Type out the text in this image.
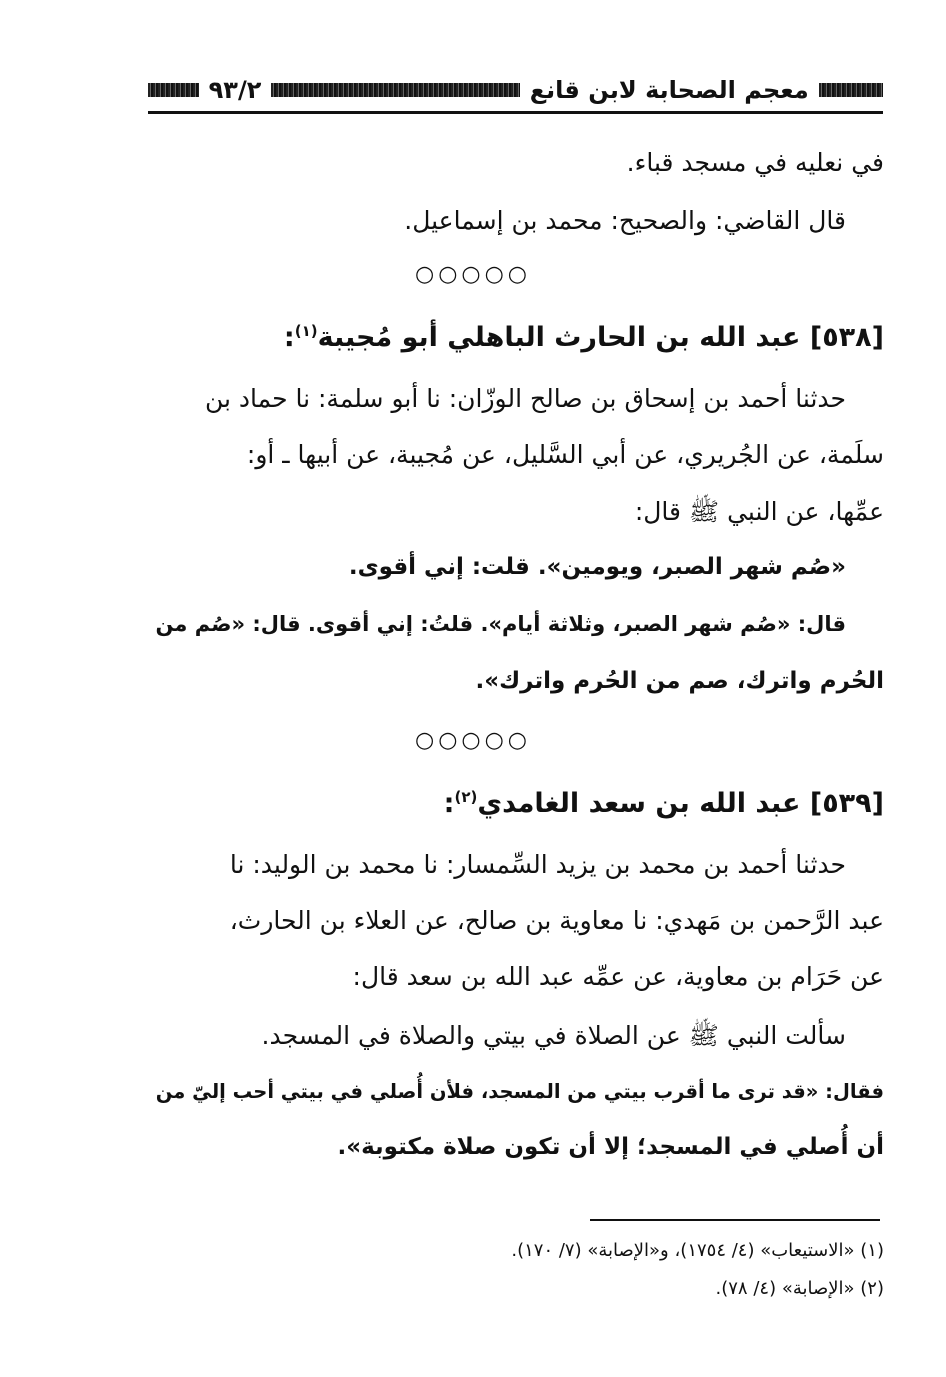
معجم الصحابة لابن قانع
٩٣/٢
في نعليه في مسجد قباء.
قال القاضي: والصحيح: محمد بن إسماعيل.
○○○○○
[٥٣٨] عبد الله بن الحارث الباهلي أبو مُجيبة$^{(١)}$:
حدثنا أحمد بن إسحاق بن صالح الوزّان: نا أبو سلمة: نا حماد بن
سلَمة، عن الجُريري، عن أبي السَّليل، عن مُجيبة، عن أبيها ـ أو:
عمِّها، عن النبي ﷺ قال:
«صُم شهر الصبر، ويومين». قلت: إني أقوى.
قال: «صُم شهر الصبر، وثلاثة أيام». قلتُ: إني أقوى. قال: «صُم من
الحُرم واترك، صم من الحُرم واترك».
○○○○○
[٥٣٩] عبد الله بن سعد الغامدي$^{(٢)}$:
حدثنا أحمد بن محمد بن يزيد السِّمسار: نا محمد بن الوليد: نا
عبد الرَّحمن بن مَهدي: نا معاوية بن صالح، عن العلاء بن الحارث،
عن حَرَام بن معاوية، عن عمِّه عبد الله بن سعد قال:
سألت النبي ﷺ عن الصلاة في بيتي والصلاة في المسجد.
فقال: «قد ترى ما أقرب بيتي من المسجد، فلأن أُصلي في بيتي أحب إليّ من
أن أُصلي في المسجد؛ إلا أن تكون صلاة مكتوبة».
(١) «الاستيعاب» (٤/ ١٧٥٤)، و«الإصابة» (٧/ ١٧٠).
(٢) «الإصابة» (٤/ ٧٨).
